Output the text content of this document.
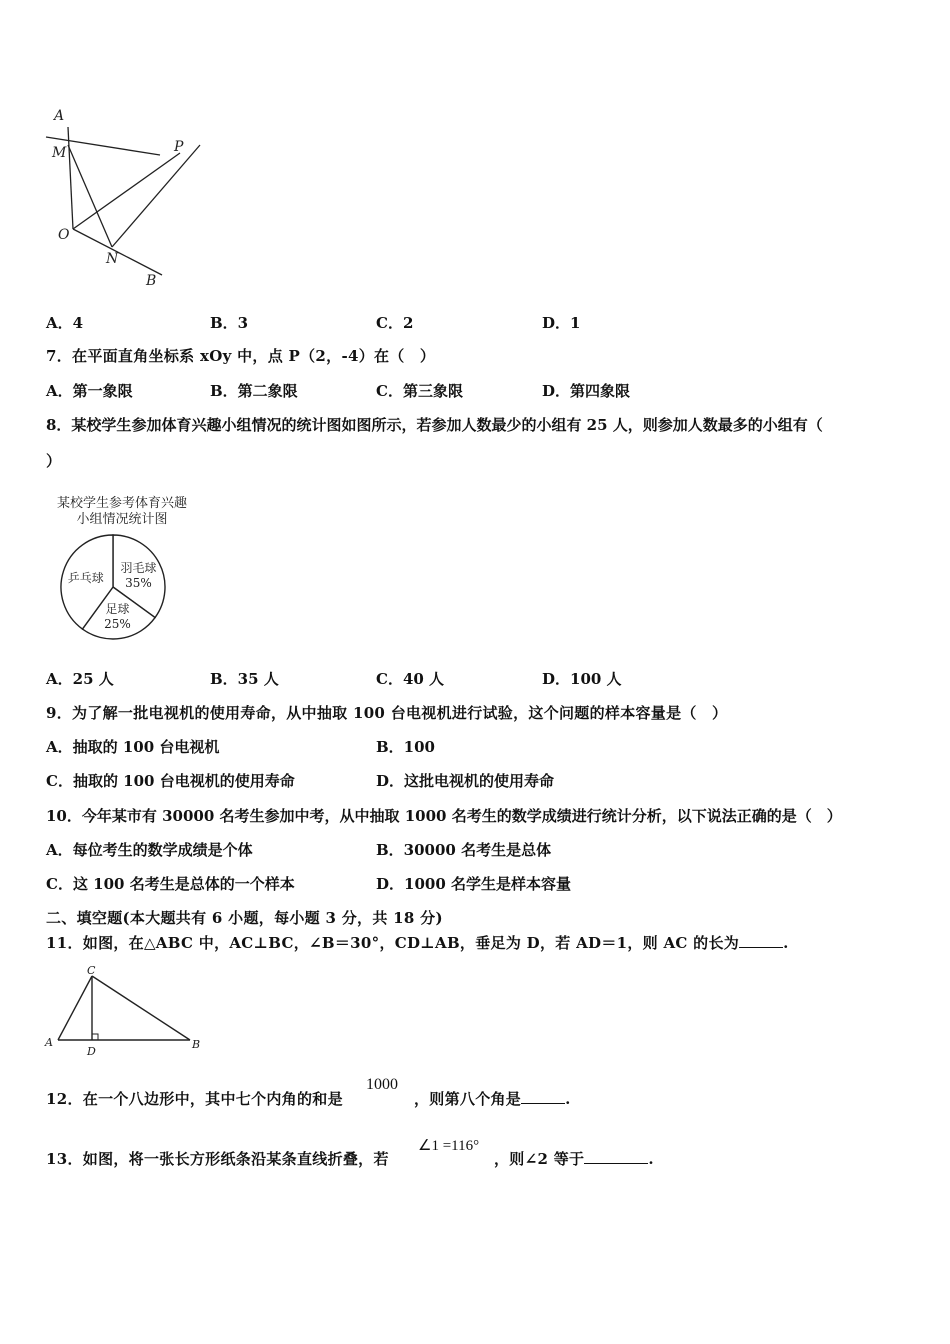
A
M	P
O
N
B
A．4	B．3	C．2	D．1
7．在平面直角坐标系 xOy 中，点 P（2，-4）在（　）
A．第一象限	B．第二象限	C．第三象限	D．第四象限
8．某校学生参加体育兴趣小组情况的统计图如图所示，若参加人数最少的小组有 25 人，则参加人数最多的小组有（
）
某校学生参考体育兴趣
小组情况统计图
羽毛球
35%
足球
25%
乒乓球
A．25 人	B．35 人	C．40 人	D．100 人
9．为了解一批电视机的使用寿命，从中抽取 100 台电视机进行试验，这个问题的样本容量是（　）
A．抽取的 100 台电视机	B．100
C．抽取的 100 台电视机的使用寿命	D．这批电视机的使用寿命
10．今年某市有 30000 名考生参加中考，从中抽取 1000 名考生的数学成绩进行统计分析，以下说法正确的是（　）
A．每位考生的数学成绩是个体	B．30000 名考生是总体
C．这 100 名考生是总体的一个样本	D．1000 名学生是样本容量
二、填空题(本大题共有 6 小题，每小题 3 分，共 18 分)
11．如图，在△ABC 中，AC⊥BC，∠B＝30°，CD⊥AB，垂足为 D，若 AD＝1，则 AC 的长为	.
C
A
D
B
12．在一个八边形中，其中七个内角的和是
1000
，则第八个角是	.
13．如图，将一张长方形纸条沿某条直线折叠，若
∠1 =116°
，则∠2 等于	.
